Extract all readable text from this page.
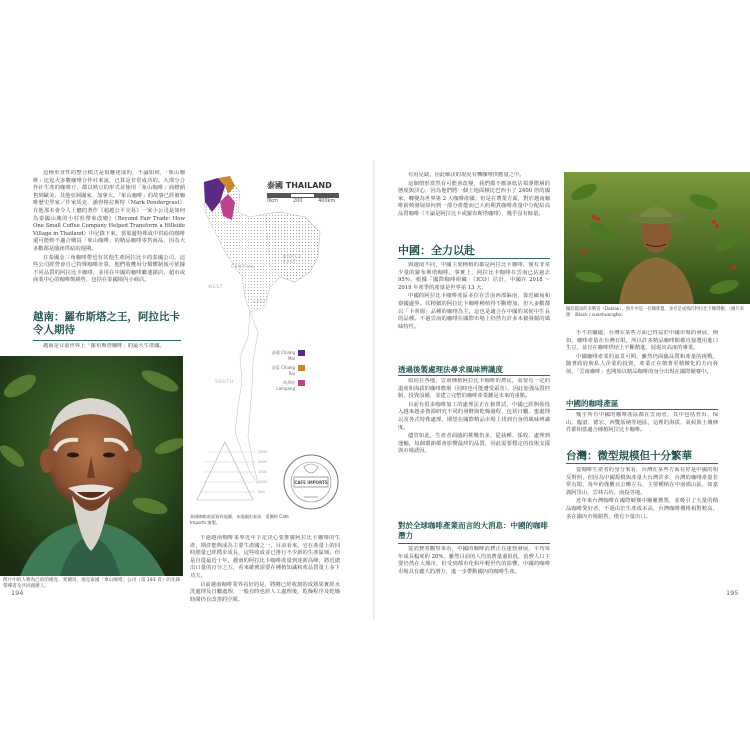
這種垂直性的整合模式是很難達成的，不論如何，「象山咖啡」比起大多數咖啡合作社來說，已算是非常成功的。大部分合作社生產的咖啡豆，都以熟豆的形式並使用「象山咖啡」商標銷售到歐美、其他亞洲國家、加拿大。「象山咖啡」的故事已經被咖啡歷史學家／作家馬克．潘得格拉斯特（Mark Pendergrast）在他那本會令人上癮的著作《超越公平交易》一家小公司是如何為泰國山塊的小村莊帶來改變》（Beyond Fair Trade: How One Small Coffee Company Helped Transform a Hillside Village in Thailand）中記錄下來。當那邊特殊成中供給的咖啡還可能較不適合購買「象山咖啡」的精品咖啡零售商品，因為大多數都是臨座供給的週期。

在泰國金三角咖啡帶也有其他生產阿拉比卡的泰國公司，這些公司經營會自己特殊咖啡計算，他們收穫用分類體制後可依據不同品質的阿拉比卡咖啡，並用在中國的咖啡廳連鎖店、超市或商業中心的咖啡館銷售，包括在泰國境內小商店。

越南：羅布斯塔之王，阿拉比卡令人期待

越南是目前世界上「羅布斯塔咖啡」的最大生產國。

照片中的人物為已故的維克．愛爾哥，他是泰國「象山咖啡」公司（第 193 頁）的先鋒帶導者及共同創辦人。
194
泰國 THAILAND
0km	200	400km
NORTH EAST
CENTRAL
EAST
WEST
SOUTH
清邁 Chiang Mai
清萊 Chiang Rai
南邦府 Lampang
2500
2000
1500
1000
500
CAFE IMPORTS
泰國咖啡產區資料地圖，本地圖由泰油．愛爾格 Cafe Imports 繪製。

不過越南咖啡業界近年下定決心要推廣阿拉比卡咖啡的生產，期許能夠成為主要生產國之一。目前看來，它在產量上的同時總量已經穩步成長，這些收成並已推行不少新的生產區域，但是自從最近十年，越南的阿拉比卡咖啡產量到達新高峰，將近總出口量的百分之五，看來確實需要在種植知識和產品質量上多下功夫。

目前越南咖啡業界看好的是，將剛已經收割的成熟果實經水洗處理及日曬處理，一般有時也經人工處理後，乾燥程序及乾燥時間仍有改善的空間。

有用兒缺，因此解決的現況有機咖啡供應量之中。

這個情形當然有可能會改變，我們都不應該低估領導階層的態度與決心，因為他們將一個土地面積比巴西小了 2400 倍的國家，轉變為世界第 2 大咖啡產國；但是在農業方面，對於越南咖啡新興發展如何到一部分產能而已大約期貨咖啡產量中分配給高品質咖啡（不論是阿拉比卡或羅布斯塔咖啡），幾乎沒有餘量。

中國：全力以赴

與越南不同，中國主要種植的都是阿拉比卡咖啡，僅有非常少量的羅布斯塔咖啡。事實上，阿拉比卡咖啡在雲南已佔過去 95%，根據「國際咖啡組織」（ICO）估計，中國在 2018 ～ 2019 年產季的產量是世界第 13 大。

中國的阿拉比卡咖啡產區多位在雲南西部偏南，靠近緬甸和寮國邊界。其精細的阿拉比卡咖啡種植得不斷增加，但大多數都以「卡蒂姆」品種的咖啡為主，這也是適合在中國的氣候中生長的品種。不過雲南的咖啡在國際市場上仍然有許多未被發掘的風味特性。

透過後製處理法尋求風味辨識度

如同在各地，雲南種植阿拉比卡咖啡的農民，需要有一定的溫度和海拔的咖啡農場（同時也可能遭受霜害），因此加強品質控制、投資設備，並建立完整的咖啡產業鏈是未來的重點。

目前有很多咖啡加工的處理法正在被嘗試，中國已經開始投入越來越多資源研究不同的發酵與乾燥過程，包括日曬、蜜處理以及各式特殊處理，期望在國際精品市場上找到自身的風味辨識度。

儘管如此，生產者面臨的挑戰仍多，從栽種、採收、處理到運輸，每個環節都會影響最終的品質，因此需要穩定的技術支援與市場誘因。

對於全球咖啡產業而言的大消息：中國的咖啡潛力

從消費者觀察來看，中國的咖啡消費正在蓬勃發展，平均每年成長幅度約 20%，雖然目前的人均消費量還很低，消費人口主要仍然在大城市，但受到都市化和年輕世代的影響，中國的咖啡市場具有龐大的潛力，進一步帶動國內的咖啡生產。

攝於越南的多樂省（Daklak）。照片中是一位咖啡農，身旁是成熟的阿拉比卡咖啡樹。（圖片來源：iStock / suanhuongho）

手不若驪磁，台灣在某些方面已得益於中國市場的發展，例如，咖啡產量在台灣有限，所以許多精品咖啡館都直接選用進口生豆，並且在咖啡烘焙上不斷精進，展現出高度的專業。

中國咖啡產業的前景可期，雖然仍面臨品質和產量的挑戰，隨著政府與私人企業的投資，產業正在朝著更精緻化的方向發展，「雲南咖啡」也開始以精品咖啡的身分出現在國際競賽中。

中國的咖啡產區

幾乎所有中國的咖啡產區都在雲南省，其中包括普洱、保山、臨滄、德宏、西雙版納等地區，這裡的海拔、氣候與土壤條件都相當適合種植阿拉比卡咖啡。

台灣：微型規模但十分繁華

從咖啡生產者的身分來看，台灣在某些方面在好是中國的相反對照，但因為中國規模與產量大台灣許多，台灣的咖啡產量非常有限，每年約僅數百公噸左右，主要種植在中南部山區，如嘉義阿里山、雲林古坑、南投等地。

近年來台灣咖啡在國際競賽中屢屢獲獎，並吸引了大量的精品咖啡愛好者，不過由於生產成本高，台灣咖啡價格相對較高，多在國內市場銷售，僅有少量出口。

195
